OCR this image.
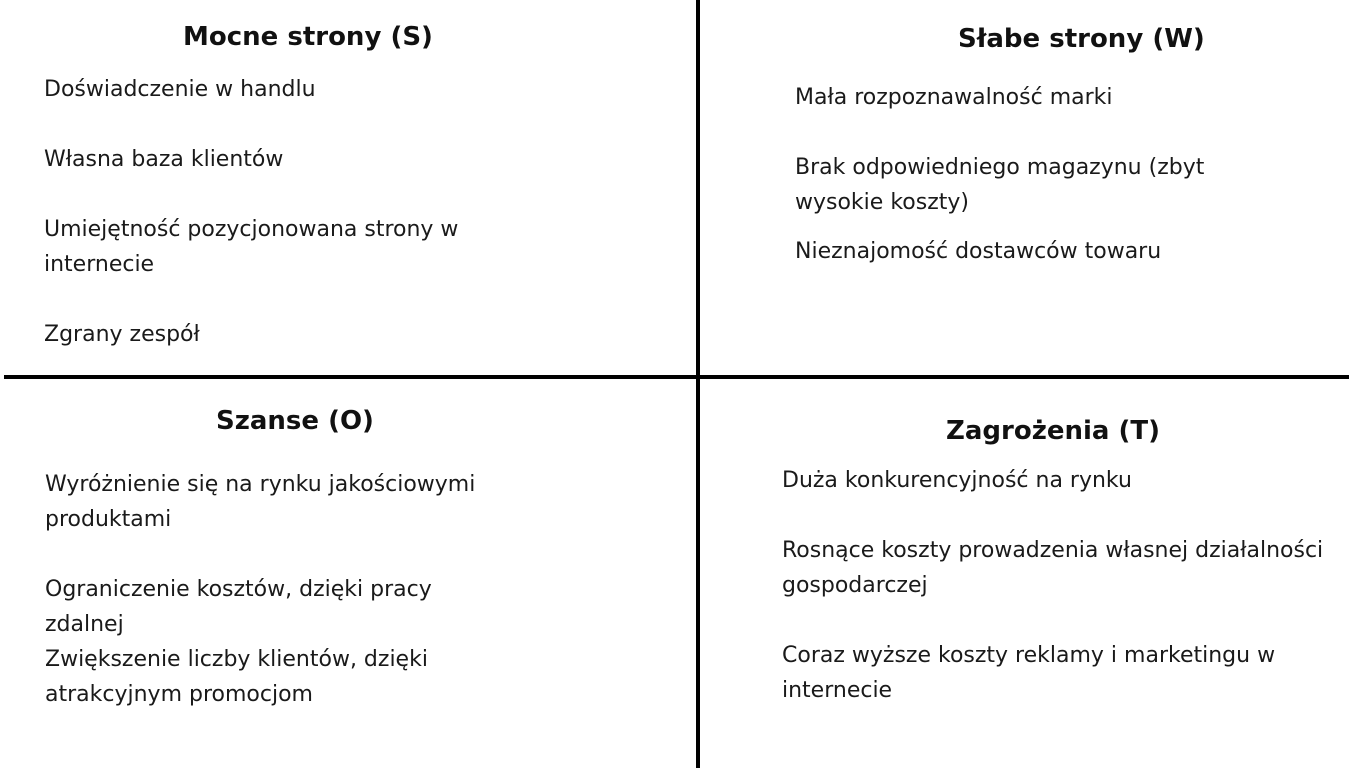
Mocne strony (S)
Doświadczenie w handlu
Własna baza klientów
Umiejętność pozycjonowana strony w internecie
Zgrany zespół
Słabe strony (W)
Mała rozpoznawalność marki
Brak odpowiedniego magazynu (zbyt wysokie koszty)
Nieznajomość dostawców towaru
Szanse (O)
Wyróżnienie się na rynku jakościowymi produktami
Ograniczenie kosztów, dzięki pracy zdalnej
Zwiększenie liczby klientów, dzięki atrakcyjnym promocjom
Zagrożenia (T)
Duża konkurencyjność na rynku
Rosnące koszty prowadzenia własnej działalności gospodarczej
Coraz wyższe koszty reklamy i marketingu w internecie
